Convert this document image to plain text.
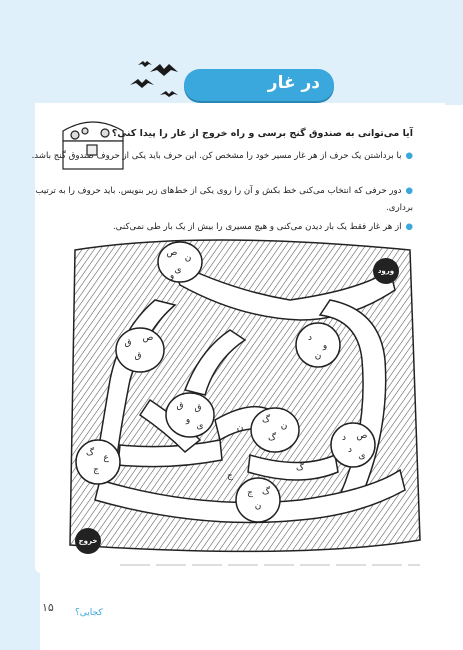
در غار
آیا می‌توانی به صندوق گنج برسی و راه خروج از غار را پیدا کنی؟
●با برداشتن یک حرف از هر غار مسیر خود را مشخص کن. این حرف باید یکی از حروف صندوق گنج باشد.
●دور حرفی که انتخاب می‌کنی خط بکش و آن را روی یکی از خط‌های زیر بنویس. باید حروف را به ترتیب برداری.
●از هر غار فقط یک بار دیدن می‌کنی و هیچ مسیری را بیش از یک بار طی نمی‌کنی.
ص ن
ی
و
ق ص
ق
د
و
ن
ق ق
و
ی
گ
ن
گ	د ص
د
ی
گ ع
ج
ج گ
ن
ن
ج
گ
ورود
خروج
۱۵ کجایی؟
